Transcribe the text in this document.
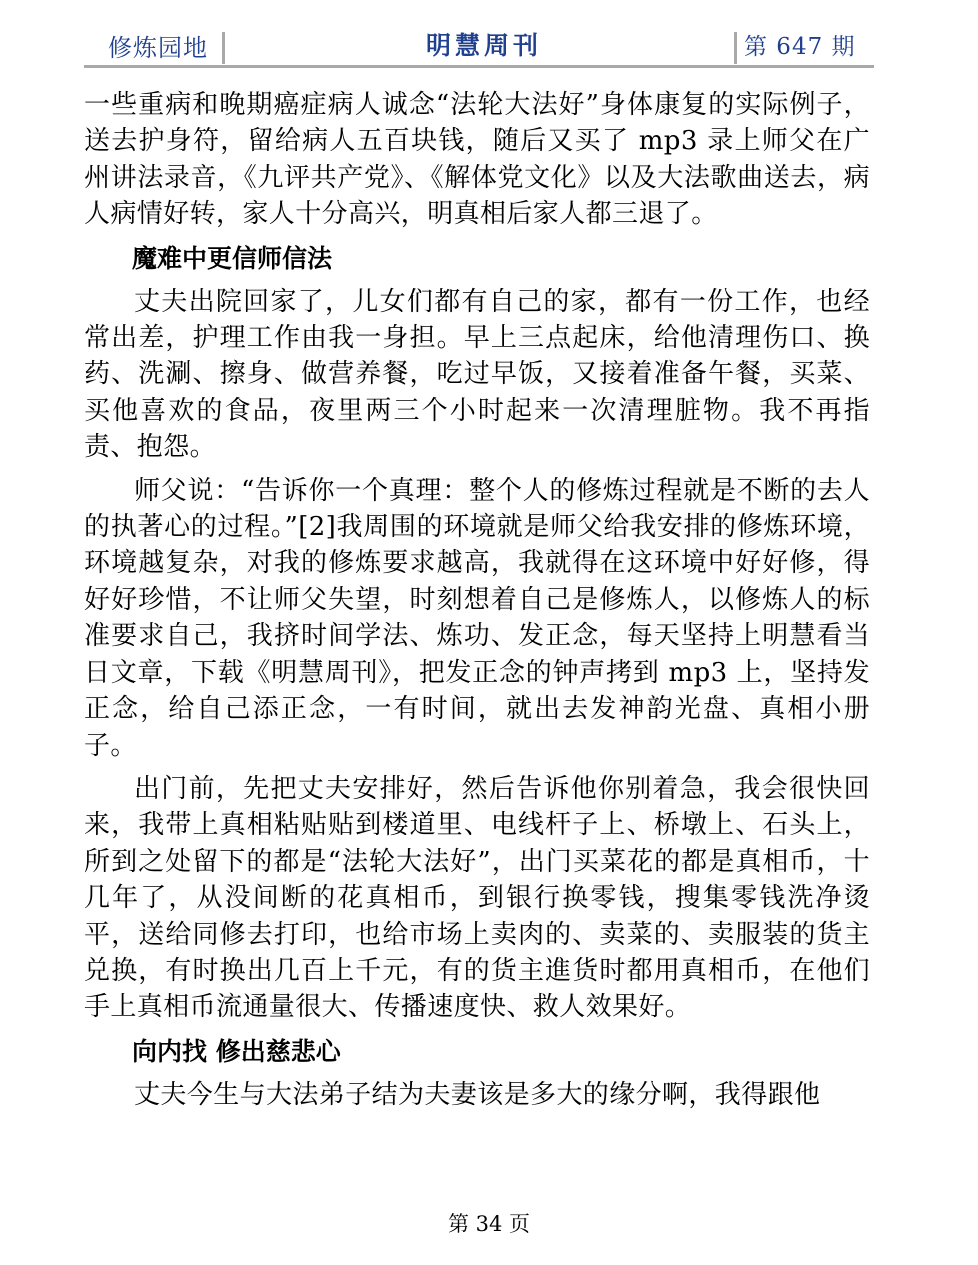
修炼园地	明慧周刊	第 647 期

一些重病和晚期癌症病人诚念“法轮大法好”身体康复的实际例子，送去护身符，留给病人五百块钱，随后又买了 mp3 录上师父在广州讲法录音，《九评共产党》、《解体党文化》以及大法歌曲送去，病人病情好转，家人十分高兴，明真相后家人都三退了。

魔难中更信师信法

丈夫出院回家了，儿女们都有自己的家，都有一份工作，也经常出差，护理工作由我一身担。早上三点起床，给他清理伤口、换药、洗涮、擦身、做营养餐，吃过早饭，又接着准备午餐，买菜、买他喜欢的食品，夜里两三个小时起来一次清理脏物。我不再指责、抱怨。

师父说：“告诉你一个真理：整个人的修炼过程就是不断的去人的执著心的过程。”[2]我周围的环境就是师父给我安排的修炼环境，环境越复杂，对我的修炼要求越高，我就得在这环境中好好修，得好好珍惜，不让师父失望，时刻想着自己是修炼人，以修炼人的标准要求自己，我挤时间学法、炼功、发正念，每天坚持上明慧看当日文章，下载《明慧周刊》，把发正念的钟声拷到 mp3 上，坚持发正念，给自己添正念，一有时间，就出去发神韵光盘、真相小册子。

出门前，先把丈夫安排好，然后告诉他你别着急，我会很快回来，我带上真相粘贴贴到楼道里、电线杆子上、桥墩上、石头上，所到之处留下的都是“法轮大法好”，出门买菜花的都是真相币，十几年了，从没间断的花真相币，到银行换零钱，搜集零钱洗净烫平，送给同修去打印，也给市场上卖肉的、卖菜的、卖服装的货主兑换，有时换出几百上千元，有的货主進货时都用真相币，在他们手上真相币流通量很大、传播速度快、救人效果好。

向内找 修出慈悲心

丈夫今生与大法弟子结为夫妻该是多大的缘分啊，我得跟他

第 34 页
